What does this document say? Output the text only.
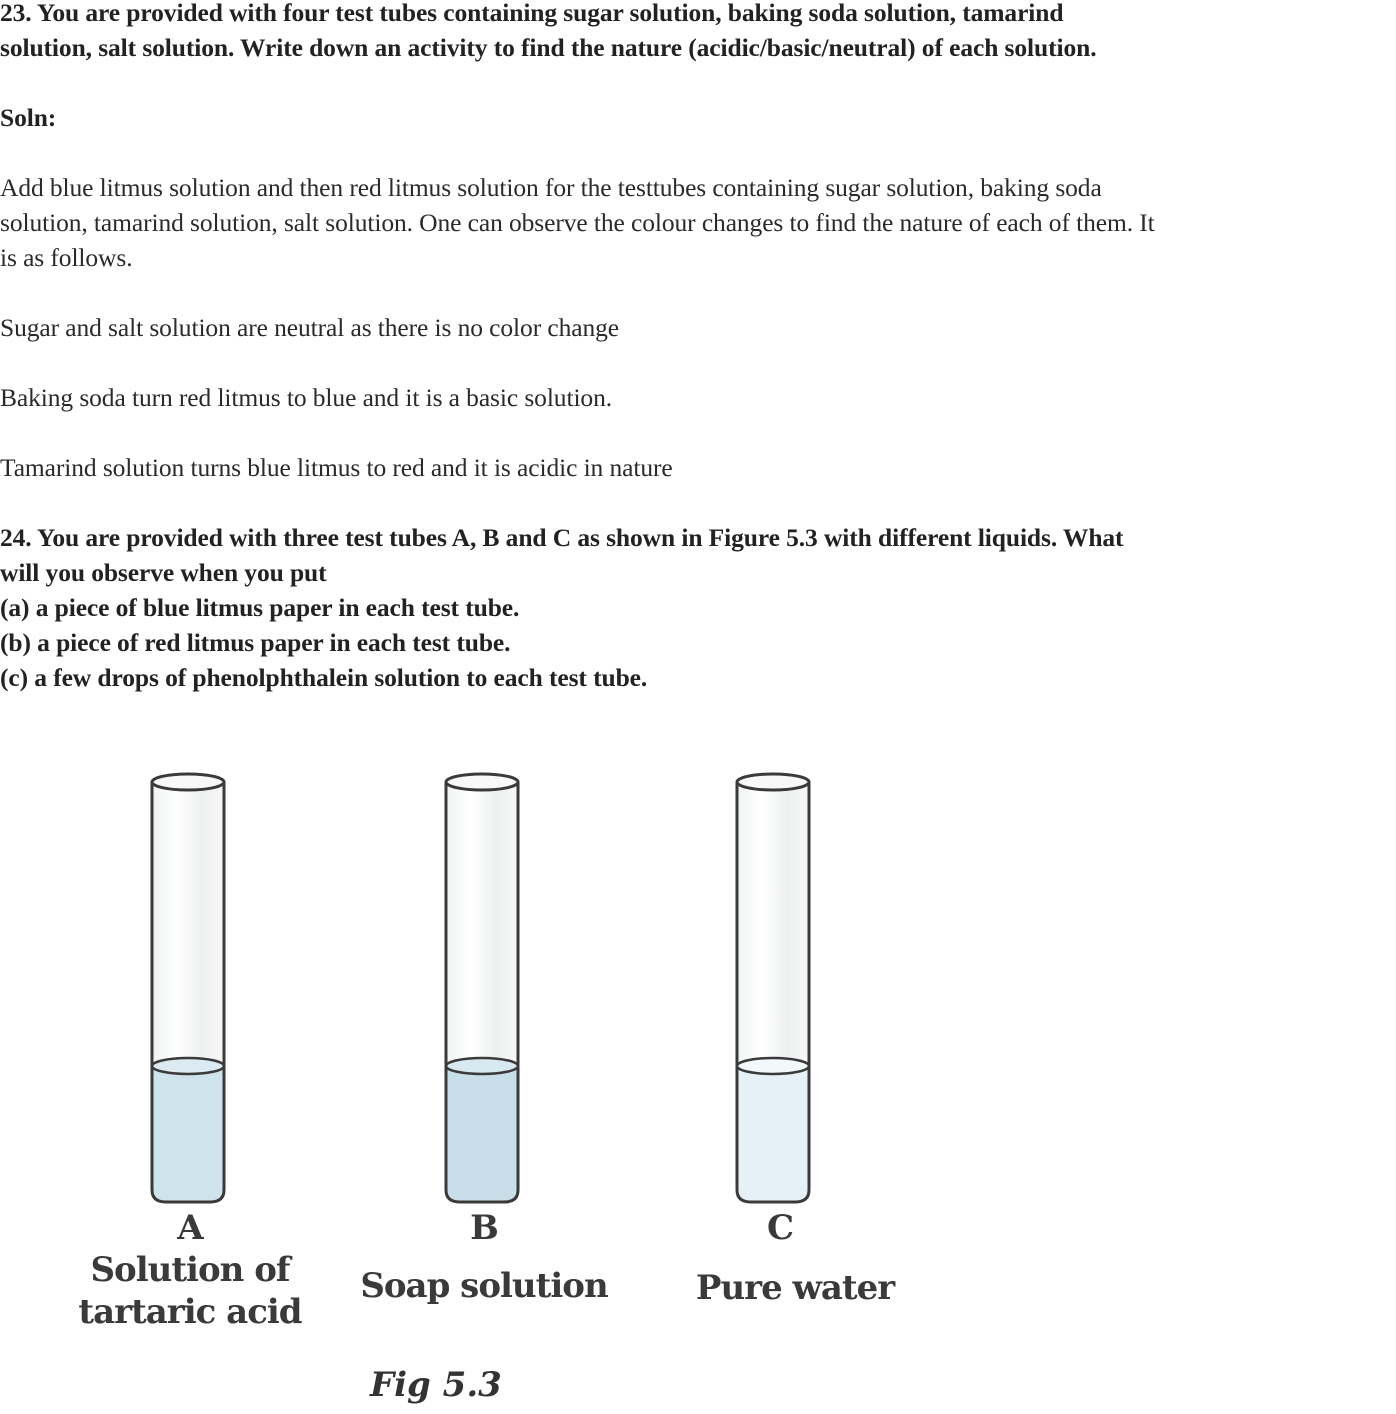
23. You are provided with four test tubes containing sugar solution, baking soda solution, tamarind
solution, salt solution. Write down an activity to find the nature (acidic/basic/neutral) of each solution.
Soln:
Add blue litmus solution and then red litmus solution for the testtubes containing sugar solution, baking soda
solution, tamarind solution, salt solution. One can observe the colour changes to find the nature of each of them. It
is as follows.
Sugar and salt solution are neutral as there is no color change
Baking soda turn red litmus to blue and it is a basic solution.
Tamarind solution turns blue litmus to red and it is acidic in nature
24. You are provided with three test tubes A, B and C as shown in Figure 5.3 with different liquids. What
will you observe when you put
(a) a piece of blue litmus paper in each test tube.
(b) a piece of red litmus paper in each test tube.
(c) a few drops of phenolphthalein solution to each test tube.
A
Solution of
tartaric acid
B
Soap solution
C
Pure water
Fig 5.3
